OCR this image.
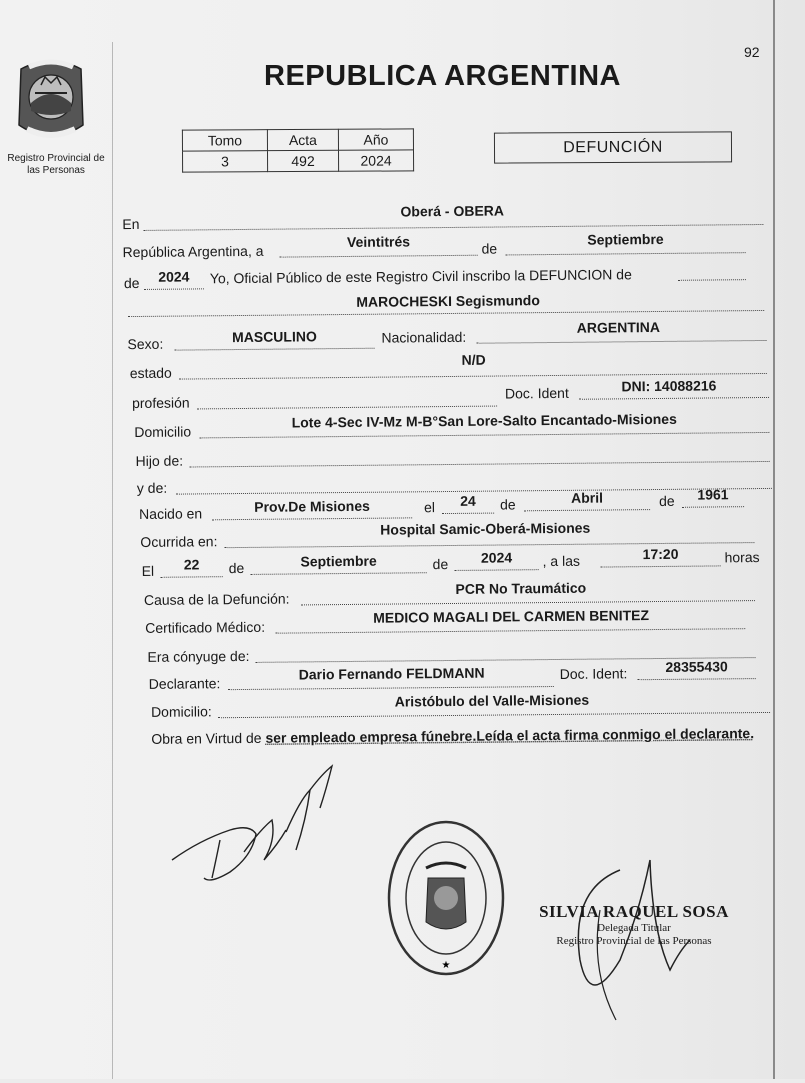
92
Registro Provincial de las Personas
REPUBLICA ARGENTINA
Tomo	Acta	Año
3	492	2024
DEFUNCIÓN
En
Oberá - OBERA
República Argentina, a
Veintitrés	de
Septiembre
de	2024	Yo, Oficial Público de este Registro Civil inscribo la DEFUNCION de
MAROCHESKI Segismundo
Sexo:	MASCULINO	Nacionalidad:
ARGENTINA
estado
N/D
profesión
Doc. Ident	DNI: 14088216
Domicilio
Lote 4-Sec IV-Mz M-B°San Lore-Salto Encantado-Misiones
Hijo de:
y de:
Nacido en	Prov.De Misiones	el	24	de	Abril	de	1961
Ocurrida en:
Hospital Samic-Oberá-Misiones
El	22	de	Septiembre	de	2024	, a las	17:20	horas
Causa de la Defunción:
PCR No Traumático
Certificado Médico:
MEDICO MAGALI DEL CARMEN BENITEZ
Era cónyuge de:
Declarante:
Dario Fernando FELDMANN	Doc. Ident:	28355430
Domicilio:
Aristóbulo del Valle-Misiones
Obra en Virtud de ser empleado empresa fúnebre.Leída el acta firma conmigo el declarante.
★
SILVIA RAQUEL SOSA
Delegada Titular
Registro Provincial de las Personas
